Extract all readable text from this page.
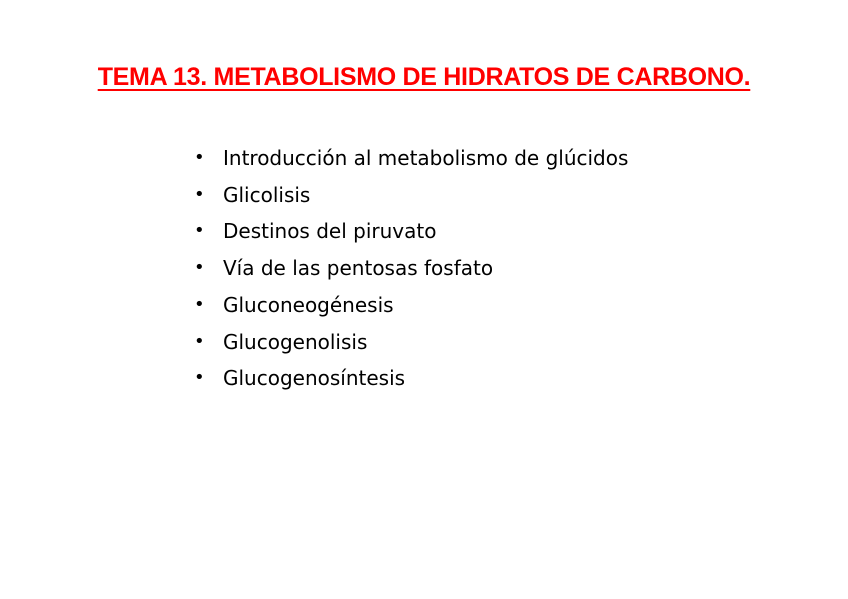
TEMA 13. METABOLISMO DE HIDRATOS DE CARBONO.
• Introducción al metabolismo de glúcidos
• Glicolisis
• Destinos del piruvato
• Vía de las pentosas fosfato
• Gluconeogénesis
• Glucogenolisis
• Glucogenosíntesis
